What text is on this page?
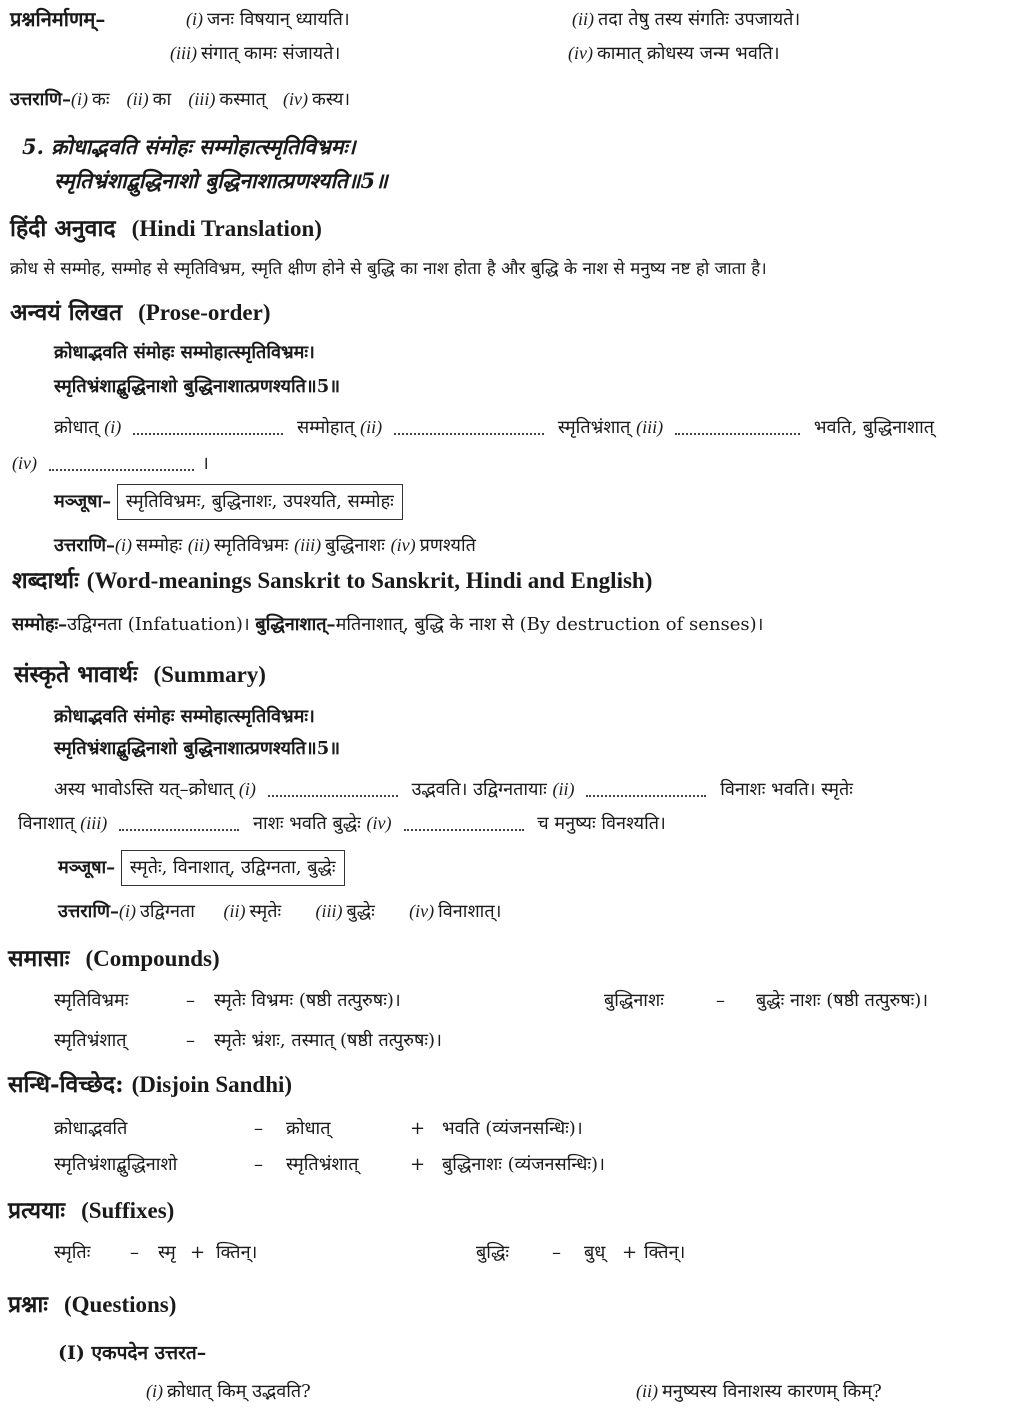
प्रश्ननिर्माणम्–	(i) जनः विषयान् ध्यायति।	(ii) तदा तेषु तस्य संगतिः उपजायते।
(iii) संगात् कामः संजायते।	(iv) कामात् क्रोधस्य जन्म भवति।
उत्तराणि–(i) कः (ii) का (iii) कस्मात् (iv) कस्य।
5. क्रोधाद्भवति संमोहः सम्मोहात्स्मृतिविभ्रमः।
स्मृतिभ्रंशाद्बुद्धिनाशो बुद्धिनाशात्प्रणश्यति॥5॥
हिंदी अनुवाद (Hindi Translation)
क्रोध से सम्मोह, सम्मोह से स्मृतिविभ्रम, स्मृति क्षीण होने से बुद्धि का नाश होता है और बुद्धि के नाश से मनुष्य नष्ट हो जाता है।
अन्वयं लिखत (Prose-order)
क्रोधाद्भवति संमोहः सम्मोहात्स्मृतिविभ्रमः।
स्मृतिभ्रंशाद्बुद्धिनाशो बुद्धिनाशात्प्रणश्यति॥5॥
क्रोधात् (i)	सम्मोहात् (ii)	स्मृतिभ्रंशात् (iii)	भवति, बुद्धिनाशात्
(iv)	।
मञ्जूषा– स्मृतिविभ्रमः, बुद्धिनाशः, उपश्यति, सम्मोहः
उत्तराणि–(i) सम्मोहः (ii) स्मृतिविभ्रमः (iii) बुद्धिनाशः (iv) प्रणश्यति
शब्दार्थाः (Word-meanings Sanskrit to Sanskrit, Hindi and English)
सम्मोहः–उद्विग्नता (Infatuation)। बुद्धिनाशात्–मतिनाशात्, बुद्धि के नाश से (By destruction of senses)।
संस्कृते भावार्थः (Summary)
क्रोधाद्भवति संमोहः सम्मोहात्स्मृतिविभ्रमः।
स्मृतिभ्रंशाद्बुद्धिनाशो बुद्धिनाशात्प्रणश्यति॥5॥
अस्य भावोऽस्ति यत्–क्रोधात् (i)	उद्भवति। उद्विग्नतायाः (ii)	विनाशः भवति। स्मृतेः
विनाशात् (iii)	नाशः भवति बुद्धेः (iv)	च मनुष्यः विनश्यति।
मञ्जूषा– स्मृतेः, विनाशात्, उद्विग्नता, बुद्धेः
उत्तराणि–(i) उद्विग्नता (ii) स्मृतेः (iii) बुद्धेः (iv) विनाशात्।
समासाः (Compounds)
स्मृतिविभ्रमः	– स्मृतेः विभ्रमः (षष्ठी तत्पुरुषः)।	बुद्धिनाशः	– बुद्धेः नाशः (षष्ठी तत्पुरुषः)।
स्मृतिभ्रंशात्	– स्मृतेः भ्रंशः, तस्मात् (षष्ठी तत्पुरुषः)।
सन्धि-विच्छेद: (Disjoin Sandhi)
क्रोधाद्भवति	– क्रोधात्	+ भवति (व्यंजनसन्धिः)।
स्मृतिभ्रंशाद्बुद्धिनाशो	– स्मृतिभ्रंशात्	+ बुद्धिनाशः (व्यंजनसन्धिः)।
प्रत्ययाः (Suffixes)
स्मृतिः – स्मृ + क्तिन्।	बुद्धिः – बुध् + क्तिन्।
प्रश्नाः (Questions)
(I) एकपदेन उत्तरत–
(i) क्रोधात् किम् उद्भवति?	(ii) मनुष्यस्य विनाशस्य कारणम् किम्?
